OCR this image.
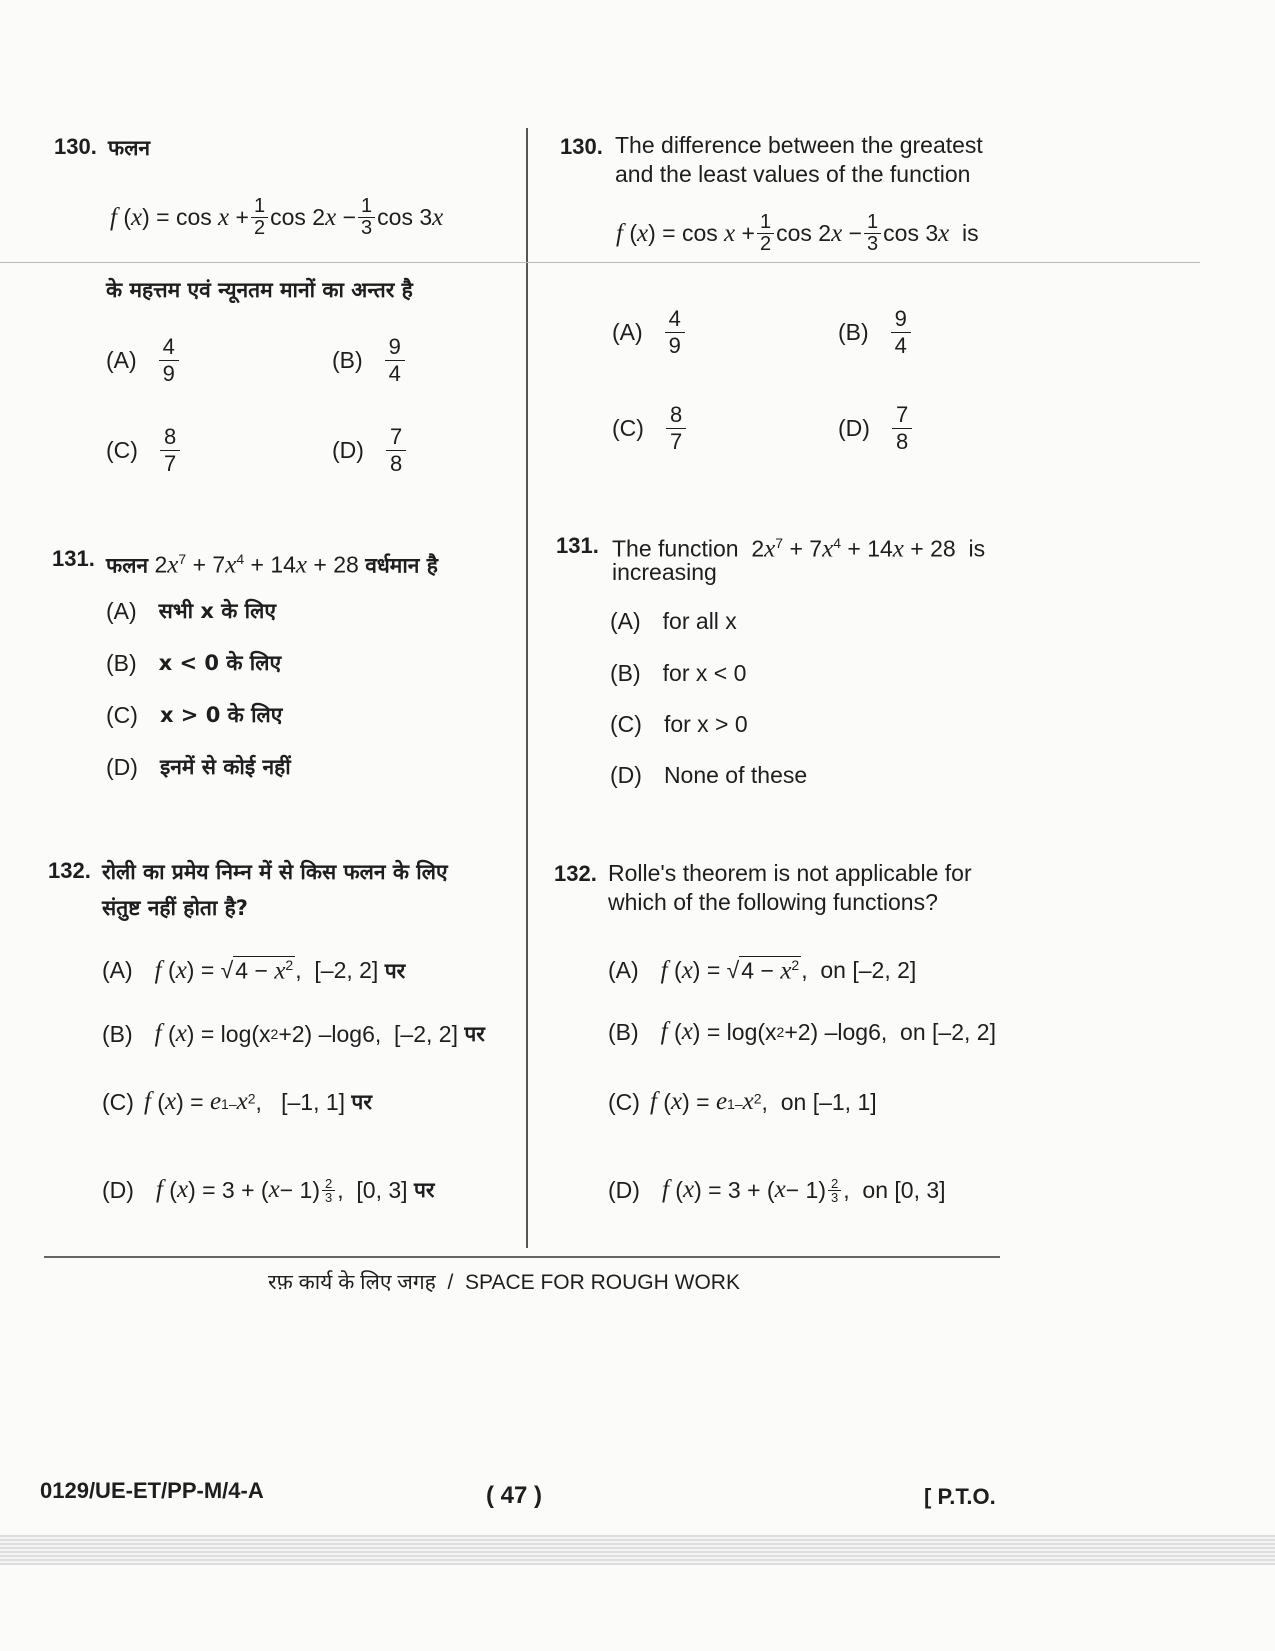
130. फलन
f ( x ) = $\cos x + \frac{1}{2}$ cos 2 $x - \frac{1}{3}$ cos 3 x
के महत्तम एवं न्यूनतम मानों का अन्तर है
$(A) \frac{4}{9}$	$(B) \frac{9}{4}$
$(C) \frac{8}{7}$	$(D) \frac{7}{8}$
131. फलन $2x^7 + 7x^4 + 14x + 28$ वर्धमान है
(A) सभी x के लिए
(B) x < 0 के लिए
(C) x > 0 के लिए
(D) इनमें से कोई नहीं
132. रोली का प्रमेय निम्न में से किस फलन के लिए
संतुष्ट नहीं होता है?
(A) f ( x ) = √ $4 - x^2$ , [–2, 2]
पर
(B) f ( x ) = log(x 2 +2) –log6, [–2, 2]
पर
(C) f ( x ) = e $1-x^2$ , [–1, 1]
पर
(D) f ( x ) = 3 + ( $x - 1) \frac{2}{3}$ , [0, 3]
पर
130. The difference between the greatest
and the least values of the function
f ( x ) = $\cos x + \frac{1}{2}$ cos 2 $x - \frac{1}{3}$ cos 3 x
is
$(A) \frac{4}{9}$	$(B) \frac{9}{4}$
$(C) \frac{8}{7}$	$(D) \frac{7}{8}$
131. The function  $2x^7 + 7x^4 + 14x + 28$  is
increasing
(A) for all x
(B) for x < 0
(C) for x > 0
(D) None of these
132. Rolle's theorem is not applicable for
which of the following functions?
(A) f ( x ) = √ $4 - x^2$ , on
[–2, 2]
(B) f ( x ) = log(x 2 +2) –log6, on
[–2, 2]
(C) f ( x ) = e $1-x^2$ , on
[–1, 1]
(D) f ( x ) = 3 + ( $x - 1) \frac{2}{3}$ , on
[0, 3]
रफ़ कार्य के लिए जगह  /  SPACE FOR ROUGH WORK
0129/UE-ET/PP-M/4-A	( 47 )	[ P.T.O.
